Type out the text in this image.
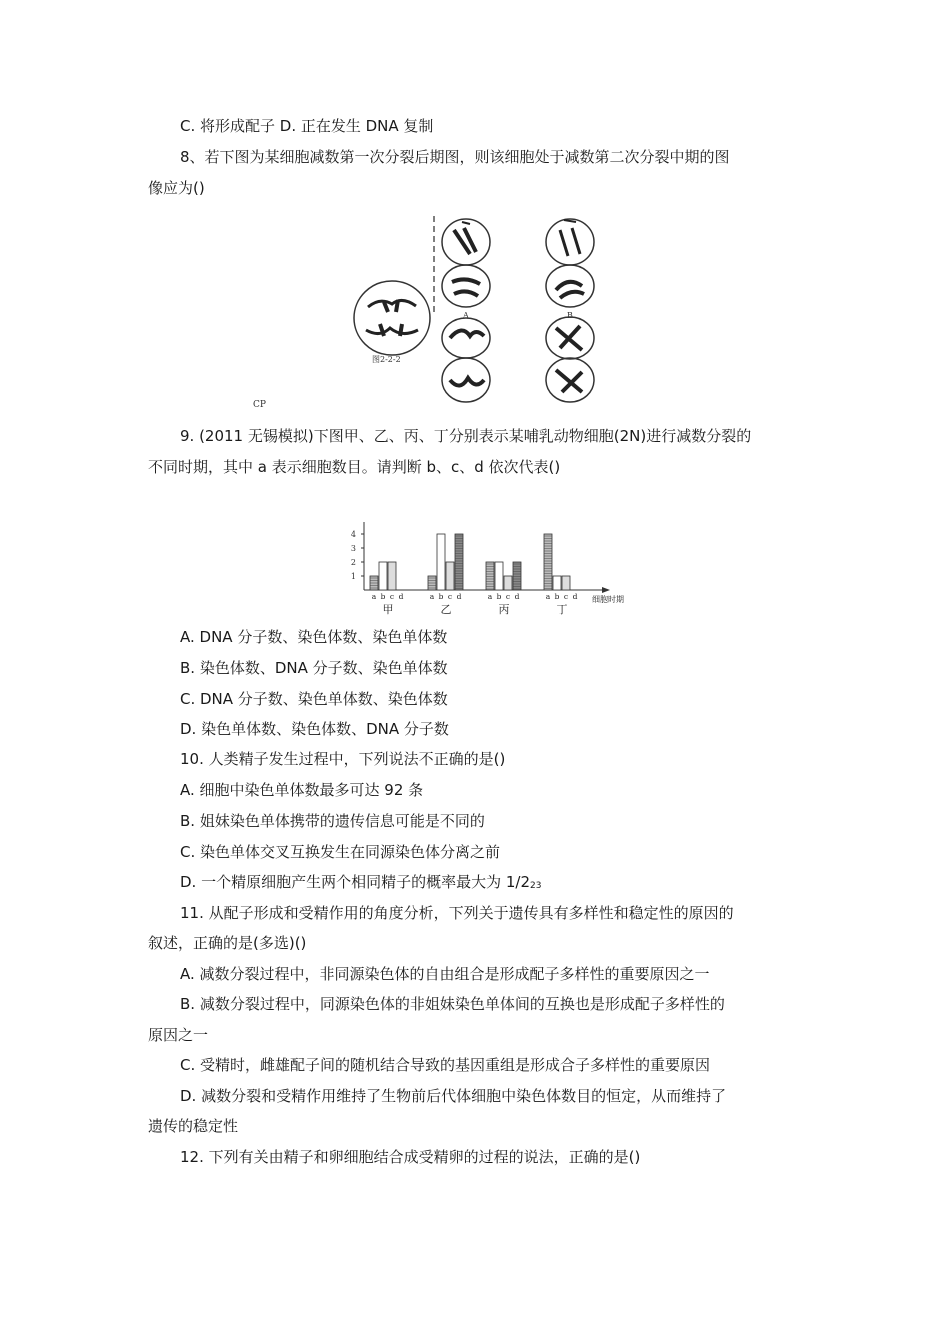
C. 将形成配子 D. 正在发生 DNA 复制
8、若下图为某细胞减数第一次分裂后期图，则该细胞处于减数第二次分裂中期的图
像应为()
图2-2-2
A	B
CP
9. (2011 无锡模拟)下图甲、乙、丙、丁分别表示某哺乳动物细胞(2N)进行减数分裂的
不同时期，其中 a 表示细胞数目。请判断 b、c、d 依次代表()
1
2
3
4
a b c d
甲
a b c d
乙
a b c d
丙
a b c d
丁
细胞时期
A. DNA 分子数、染色体数、染色单体数
B. 染色体数、DNA 分子数、染色单体数
C. DNA 分子数、染色单体数、染色体数
D. 染色单体数、染色体数、DNA 分子数
10. 人类精子发生过程中，下列说法不正确的是()
A. 细胞中染色单体数最多可达 92 条
B. 姐妹染色单体携带的遗传信息可能是不同的
C. 染色单体交叉互换发生在同源染色体分离之前
D. 一个精原细胞产生两个相同精子的概率最大为 1/223
11. 从配子形成和受精作用的角度分析，下列关于遗传具有多样性和稳定性的原因的
叙述，正确的是(多选)()
A. 减数分裂过程中，非同源染色体的自由组合是形成配子多样性的重要原因之一
B. 减数分裂过程中，同源染色体的非姐妹染色单体间的互换也是形成配子多样性的
原因之一
C. 受精时，雌雄配子间的随机结合导致的基因重组是形成合子多样性的重要原因
D. 减数分裂和受精作用维持了生物前后代体细胞中染色体数目的恒定，从而维持了
遗传的稳定性
12. 下列有关由精子和卵细胞结合成受精卵的过程的说法，正确的是()
